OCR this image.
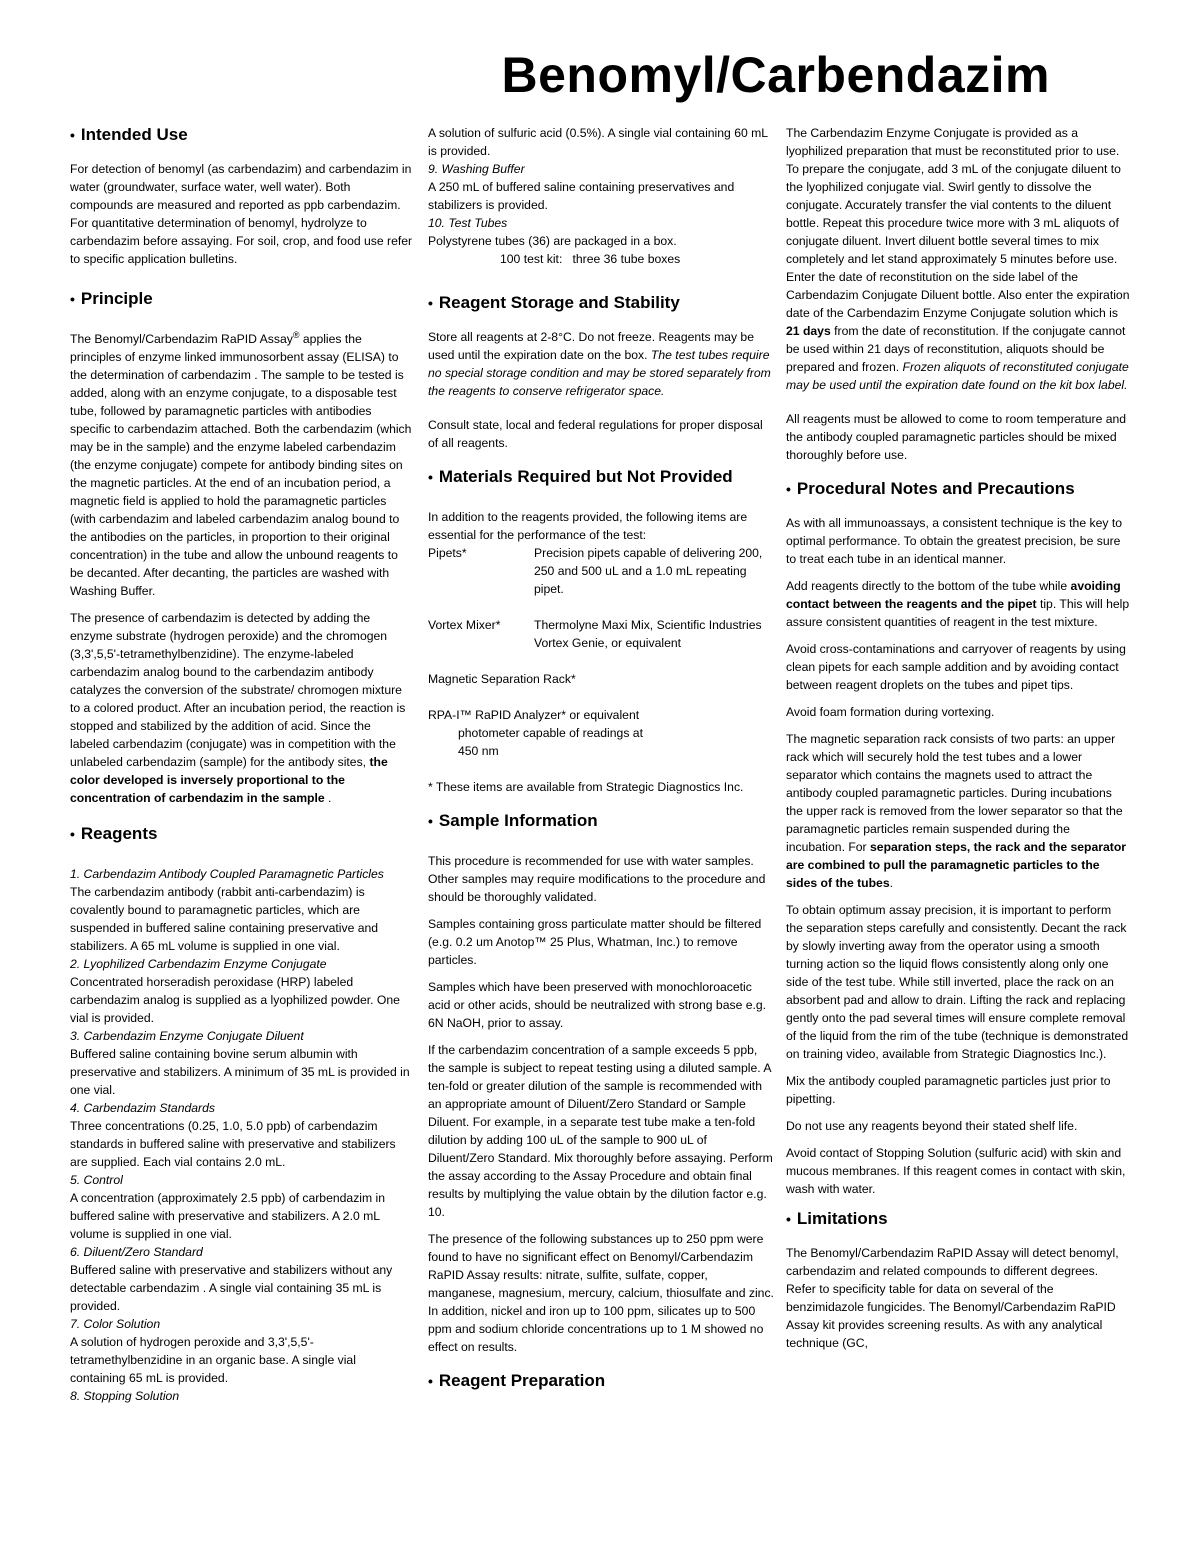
Benomyl/Carbendazim
• Intended Use

For detection of benomyl (as carbendazim) and carbendazim in water (groundwater, surface water, well water). Both compounds are measured and reported as ppb carbendazim. For quantitative determination of benomyl, hydrolyze to carbendazim before assaying. For soil, crop, and food use refer to specific application bulletins.

• Principle

The Benomyl/Carbendazim RaPID Assay® applies the principles of enzyme linked immunosorbent assay (ELISA) to the determination of carbendazim . The sample to be tested is added, along with an enzyme conjugate, to a disposable test tube, followed by paramagnetic particles with antibodies specific to carbendazim attached. Both the carbendazim (which may be in the sample) and the enzyme labeled carbendazim (the enzyme conjugate) compete for antibody binding sites on the magnetic particles. At the end of an incubation period, a magnetic field is applied to hold the paramagnetic particles (with carbendazim and labeled carbendazim analog bound to the antibodies on the particles, in proportion to their original concentration) in the tube and allow the unbound reagents to be decanted. After decanting, the particles are washed with Washing Buffer.

The presence of carbendazim is detected by adding the enzyme substrate (hydrogen peroxide) and the chromogen (3,3',5,5'-tetramethylbenzidine). The enzyme-labeled carbendazim analog bound to the carbendazim antibody catalyzes the conversion of the substrate/ chromogen mixture to a colored product. After an incubation period, the reaction is stopped and stabilized by the addition of acid. Since the labeled carbendazim (conjugate) was in competition with the unlabeled carbendazim (sample) for the antibody sites, the color developed is inversely proportional to the concentration of carbendazim in the sample .

• Reagents
1. Carbendazim Antibody Coupled Paramagnetic Particles
The carbendazim antibody (rabbit anti-carbendazim) is covalently bound to paramagnetic particles, which are suspended in buffered saline containing preservative and stabilizers. A 65 mL volume is supplied in one vial.
2. Lyophilized Carbendazim Enzyme Conjugate
Concentrated horseradish peroxidase (HRP) labeled carbendazim analog is supplied as a lyophilized powder. One vial is provided.
3. Carbendazim Enzyme Conjugate Diluent
Buffered saline containing bovine serum albumin with preservative and stabilizers. A minimum of 35 mL is provided in one vial.
4. Carbendazim Standards
Three concentrations (0.25, 1.0, 5.0 ppb) of carbendazim standards in buffered saline with preservative and stabilizers are supplied. Each vial contains 2.0 mL.
5. Control
A concentration (approximately 2.5 ppb) of carbendazim in buffered saline with preservative and stabilizers. A 2.0 mL volume is supplied in one vial.
6. Diluent/Zero Standard
Buffered saline with preservative and stabilizers without any detectable carbendazim . A single vial containing 35 mL is provided.
7. Color Solution
A solution of hydrogen peroxide and 3,3',5,5'-tetramethylbenzidine in an organic base. A single vial containing 65 mL is provided.
8. Stopping Solution
A solution of sulfuric acid (0.5%). A single vial containing 60 mL is provided.
9. Washing Buffer
A 250 mL of buffered saline containing preservatives and stabilizers is provided.
10. Test Tubes
Polystyrene tubes (36) are packaged in a box.
100 test kit:   three 36 tube boxes
• Reagent Storage and Stability

Store all reagents at 2-8°C. Do not freeze. Reagents may be used until the expiration date on the box. The test tubes require no special storage condition and may be stored separately from the reagents to conserve refrigerator space.

Consult state, local and federal regulations for proper disposal of all reagents.

• Materials Required but Not Provided
In addition to the reagents provided, the following items are essential for the performance of the test:
Pipets*	Precision pipets capable of delivering 200, 250 and 500 uL and a 1.0 mL repeating pipet.
Vortex Mixer*	Thermolyne Maxi Mix, Scientific Industries Vortex Genie, or equivalent
Magnetic Separation Rack*
RPA-I™ RaPID Analyzer* or equivalent
photometer capable of readings at 450 nm

* These items are available from Strategic Diagnostics Inc.

• Sample Information

This procedure is recommended for use with water samples. Other samples may require modifications to the procedure and should be thoroughly validated.

Samples containing gross particulate matter should be filtered (e.g. 0.2 um Anotop™ 25 Plus, Whatman, Inc.) to remove particles.

Samples which have been preserved with monochloroacetic acid or other acids, should be neutralized with strong base e.g. 6N NaOH, prior to assay.

If the carbendazim concentration of a sample exceeds 5 ppb, the sample is subject to repeat testing using a diluted sample. A ten-fold or greater dilution of the sample is recommended with an appropriate amount of Diluent/Zero Standard or Sample Diluent. For example, in a separate test tube make a ten-fold dilution by adding 100 uL of the sample to 900 uL of Diluent/Zero Standard. Mix thoroughly before assaying. Perform the assay according to the Assay Procedure and obtain final results by multiplying the value obtain by the dilution factor e.g. 10.

The presence of the following substances up to 250 ppm were found to have no significant effect on Benomyl/Carbendazim RaPID Assay results: nitrate, sulfite, sulfate, copper, manganese, magnesium, mercury, calcium, thiosulfate and zinc. In addition, nickel and iron up to 100 ppm, silicates up to 500 ppm and sodium chloride concentrations up to 1 M showed no effect on results.

• Reagent Preparation

The Carbendazim Enzyme Conjugate is provided as a lyophilized preparation that must be reconstituted prior to use. To prepare the conjugate, add 3 mL of the conjugate diluent to the lyophilized conjugate vial. Swirl gently to dissolve the conjugate. Accurately transfer the vial contents to the diluent bottle. Repeat this procedure twice more with 3 mL aliquots of conjugate diluent. Invert diluent bottle several times to mix completely and let stand approximately 5 minutes before use. Enter the date of reconstitution on the side label of the Carbendazim Conjugate Diluent bottle. Also enter the expiration date of the Carbendazim Enzyme Conjugate solution which is 21 days from the date of reconstitution. If the conjugate cannot be used within 21 days of reconstitution, aliquots should be prepared and frozen. Frozen aliquots of reconstituted conjugate may be used until the expiration date found on the kit box label.

All reagents must be allowed to come to room temperature and the antibody coupled paramagnetic particles should be mixed thoroughly before use.

• Procedural Notes and Precautions

As with all immunoassays, a consistent technique is the key to optimal performance. To obtain the greatest precision, be sure to treat each tube in an identical manner.

Add reagents directly to the bottom of the tube while avoiding contact between the reagents and the pipet tip. This will help assure consistent quantities of reagent in the test mixture.

Avoid cross-contaminations and carryover of reagents by using clean pipets for each sample addition and by avoiding contact between reagent droplets on the tubes and pipet tips.

Avoid foam formation during vortexing.

The magnetic separation rack consists of two parts: an upper rack which will securely hold the test tubes and a lower separator which contains the magnets used to attract the antibody coupled paramagnetic particles. During incubations the upper rack is removed from the lower separator so that the paramagnetic particles remain suspended during the incubation. For separation steps, the rack and the separator are combined to pull the paramagnetic particles to the sides of the tubes.

To obtain optimum assay precision, it is important to perform the separation steps carefully and consistently. Decant the rack by slowly inverting away from the operator using a smooth turning action so the liquid flows consistently along only one side of the test tube. While still inverted, place the rack on an absorbent pad and allow to drain. Lifting the rack and replacing gently onto the pad several times will ensure complete removal of the liquid from the rim of the tube (technique is demonstrated on training video, available from Strategic Diagnostics Inc.).

Mix the antibody coupled paramagnetic particles just prior to pipetting.

Do not use any reagents beyond their stated shelf life.

Avoid contact of Stopping Solution (sulfuric acid) with skin and mucous membranes. If this reagent comes in contact with skin, wash with water.

• Limitations

The Benomyl/Carbendazim RaPID Assay will detect benomyl, carbendazim and related compounds to different degrees. Refer to specificity table for data on several of the benzimidazole fungicides. The Benomyl/Carbendazim RaPID Assay kit provides screening results. As with any analytical technique (GC,
